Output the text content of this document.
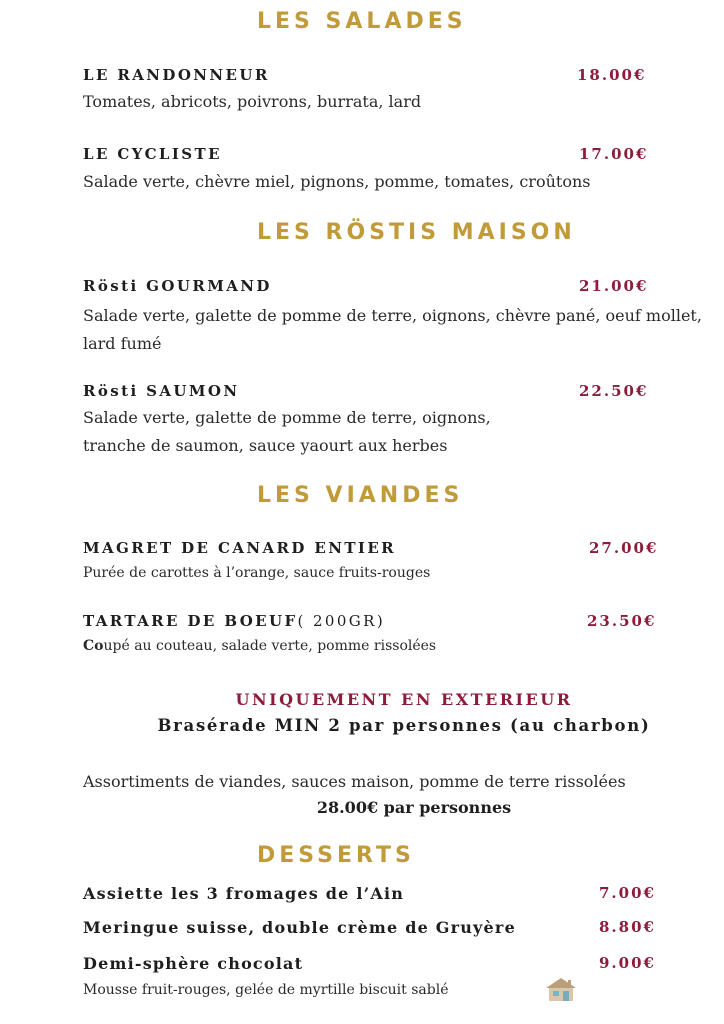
LES SALADES
LE RANDONNEUR	18.00€
Tomates, abricots, poivrons, burrata, lard
LE CYCLISTE	17.00€
Salade verte, chèvre miel, pignons, pomme, tomates, croûtons
LES RÖSTIS MAISON
Rösti GOURMAND	21.00€
Salade verte, galette de pomme de terre, oignons, chèvre pané, oeuf mollet, lard fumé
Rösti SAUMON	22.50€
Salade verte, galette de pomme de terre, oignons,
tranche de saumon, sauce yaourt aux herbes
LES VIANDES
MAGRET DE CANARD ENTIER	27.00€
Purée de carottes à l’orange, sauce fruits-rouges
TARTARE DE BOEUF( 200GR)	23.50€
Coupé au couteau, salade verte, pomme rissolées
UNIQUEMENT EN EXTERIEUR
Brasérade MIN 2 par personnes (au charbon)
Assortiments de viandes, sauces maison, pomme de terre rissolées
28.00€ par personnes
DESSERTS
Assiette les 3 fromages de l’Ain	7.00€
Meringue suisse, double crème de Gruyère	8.80€
Demi-sphère chocolat	9.00€
Mousse fruit-rouges, gelée de myrtille biscuit sablé
